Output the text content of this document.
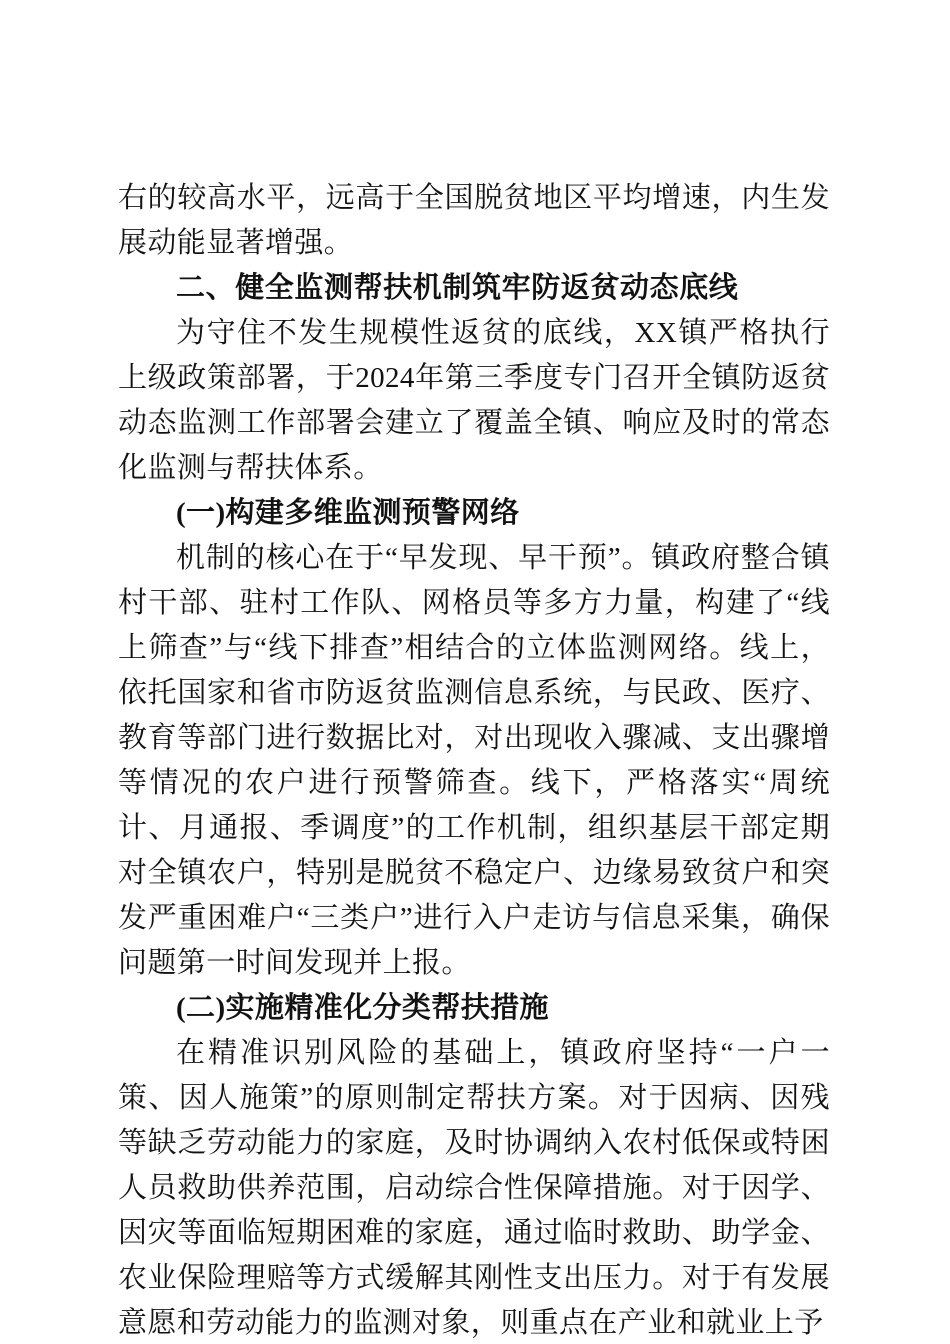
右的较高水平，远高于全国脱贫地区平均增速，内生发展动能显著增强。

二、健全监测帮扶机制筑牢防返贫动态底线

为守住不发生规模性返贫的底线，XX镇严格执行上级政策部署，于2024年第三季度专门召开全镇防返贫动态监测工作部署会建立了覆盖全镇、响应及时的常态化监测与帮扶体系。

(一)构建多维监测预警网络

机制的核心在于“早发现、早干预”。镇政府整合镇村干部、驻村工作队、网格员等多方力量，构建了“线上筛查”与“线下排查”相结合的立体监测网络。线上，依托国家和省市防返贫监测信息系统，与民政、医疗、教育等部门进行数据比对，对出现收入骤减、支出骤增等情况的农户进行预警筛查。线下，严格落实“周统计、月通报、季调度”的工作机制，组织基层干部定期对全镇农户，特别是脱贫不稳定户、边缘易致贫户和突发严重困难户“三类户”进行入户走访与信息采集，确保问题第一时间发现并上报。

(二)实施精准化分类帮扶措施

在精准识别风险的基础上，镇政府坚持“一户一策、因人施策”的原则制定帮扶方案。对于因病、因残等缺乏劳动能力的家庭，及时协调纳入农村低保或特困人员救助供养范围，启动综合性保障措施。对于因学、因灾等面临短期困难的家庭，通过临时救助、助学金、农业保险理赔等方式缓解其刚性支出压力。对于有发展意愿和劳动能力的监测对象，则重点在产业和就业上予
